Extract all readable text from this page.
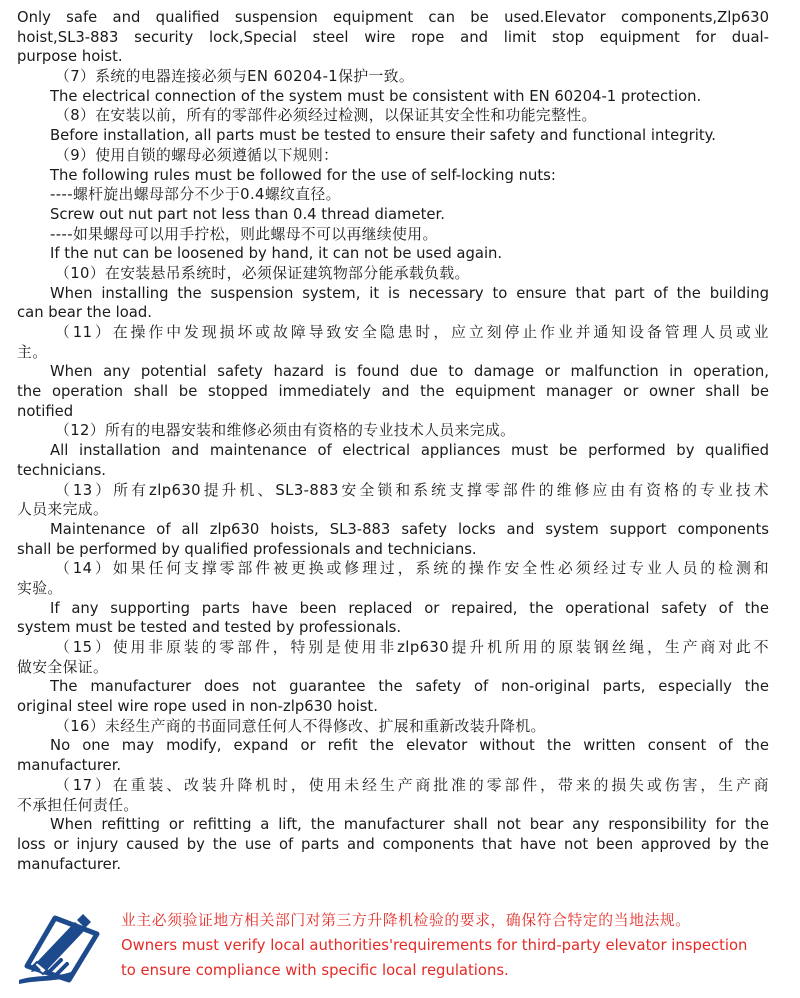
Only safe and qualified suspension equipment can be used.Elevator components,Zlp630
hoist,SL3-883 security lock,Special steel wire rope and limit stop equipment for dual-
purpose hoist.
（7）系统的电器连接必须与EN 60204-1保护一致。
The electrical connection of the system must be consistent with EN 60204-1 protection.
（8）在安装以前，所有的零部件必须经过检测，以保证其安全性和功能完整性。
Before installation, all parts must be tested to ensure their safety and functional integrity.
（9）使用自锁的螺母必须遵循以下规则：
The following rules must be followed for the use of self-locking nuts:
----螺杆旋出螺母部分不少于0.4螺纹直径。
Screw out nut part not less than 0.4 thread diameter.
----如果螺母可以用手拧松，则此螺母不可以再继续使用。
If the nut can be loosened by hand, it can not be used again.
（10）在安装悬吊系统时，必须保证建筑物部分能承载负载。
When installing the suspension system, it is necessary to ensure that part of the building
can bear the load.
（11）在操作中发现损坏或故障导致安全隐患时，应立刻停止作业并通知设备管理人员或业
主。
When any potential safety hazard is found due to damage or malfunction in operation,
the operation shall be stopped immediately and the equipment manager or owner shall be
notified
（12）所有的电器安装和维修必须由有资格的专业技术人员来完成。
All installation and maintenance of electrical appliances must be performed by qualified
technicians.
（13）所有zlp630提升机、SL3-883安全锁和系统支撑零部件的维修应由有资格的专业技术
人员来完成。
Maintenance of all zlp630 hoists, SL3-883 safety locks and system support components
shall be performed by qualified professionals and technicians.
（14）如果任何支撑零部件被更换或修理过，系统的操作安全性必须经过专业人员的检测和
实验。
If any supporting parts have been replaced or repaired, the operational safety of the
system must be tested and tested by professionals.
（15）使用非原装的零部件，特别是使用非zlp630提升机所用的原装钢丝绳，生产商对此不
做安全保证。
The manufacturer does not guarantee the safety of non-original parts, especially the
original steel wire rope used in non-zlp630 hoist.
（16）未经生产商的书面同意任何人不得修改、扩展和重新改装升降机。
No one may modify, expand or refit the elevator without the written consent of the
manufacturer.
（17）在重装、改装升降机时，使用未经生产商批准的零部件，带来的损失或伤害，生产商
不承担任何责任。
When refitting or refitting a lift, the manufacturer shall not bear any responsibility for the
loss or injury caused by the use of parts and components that have not been approved by the
manufacturer.
业主必须验证地方相关部门对第三方升降机检验的要求，确保符合特定的当地法规。
Owners must verify local authorities'requirements for third-party elevator inspection
to ensure compliance with specific local regulations.
